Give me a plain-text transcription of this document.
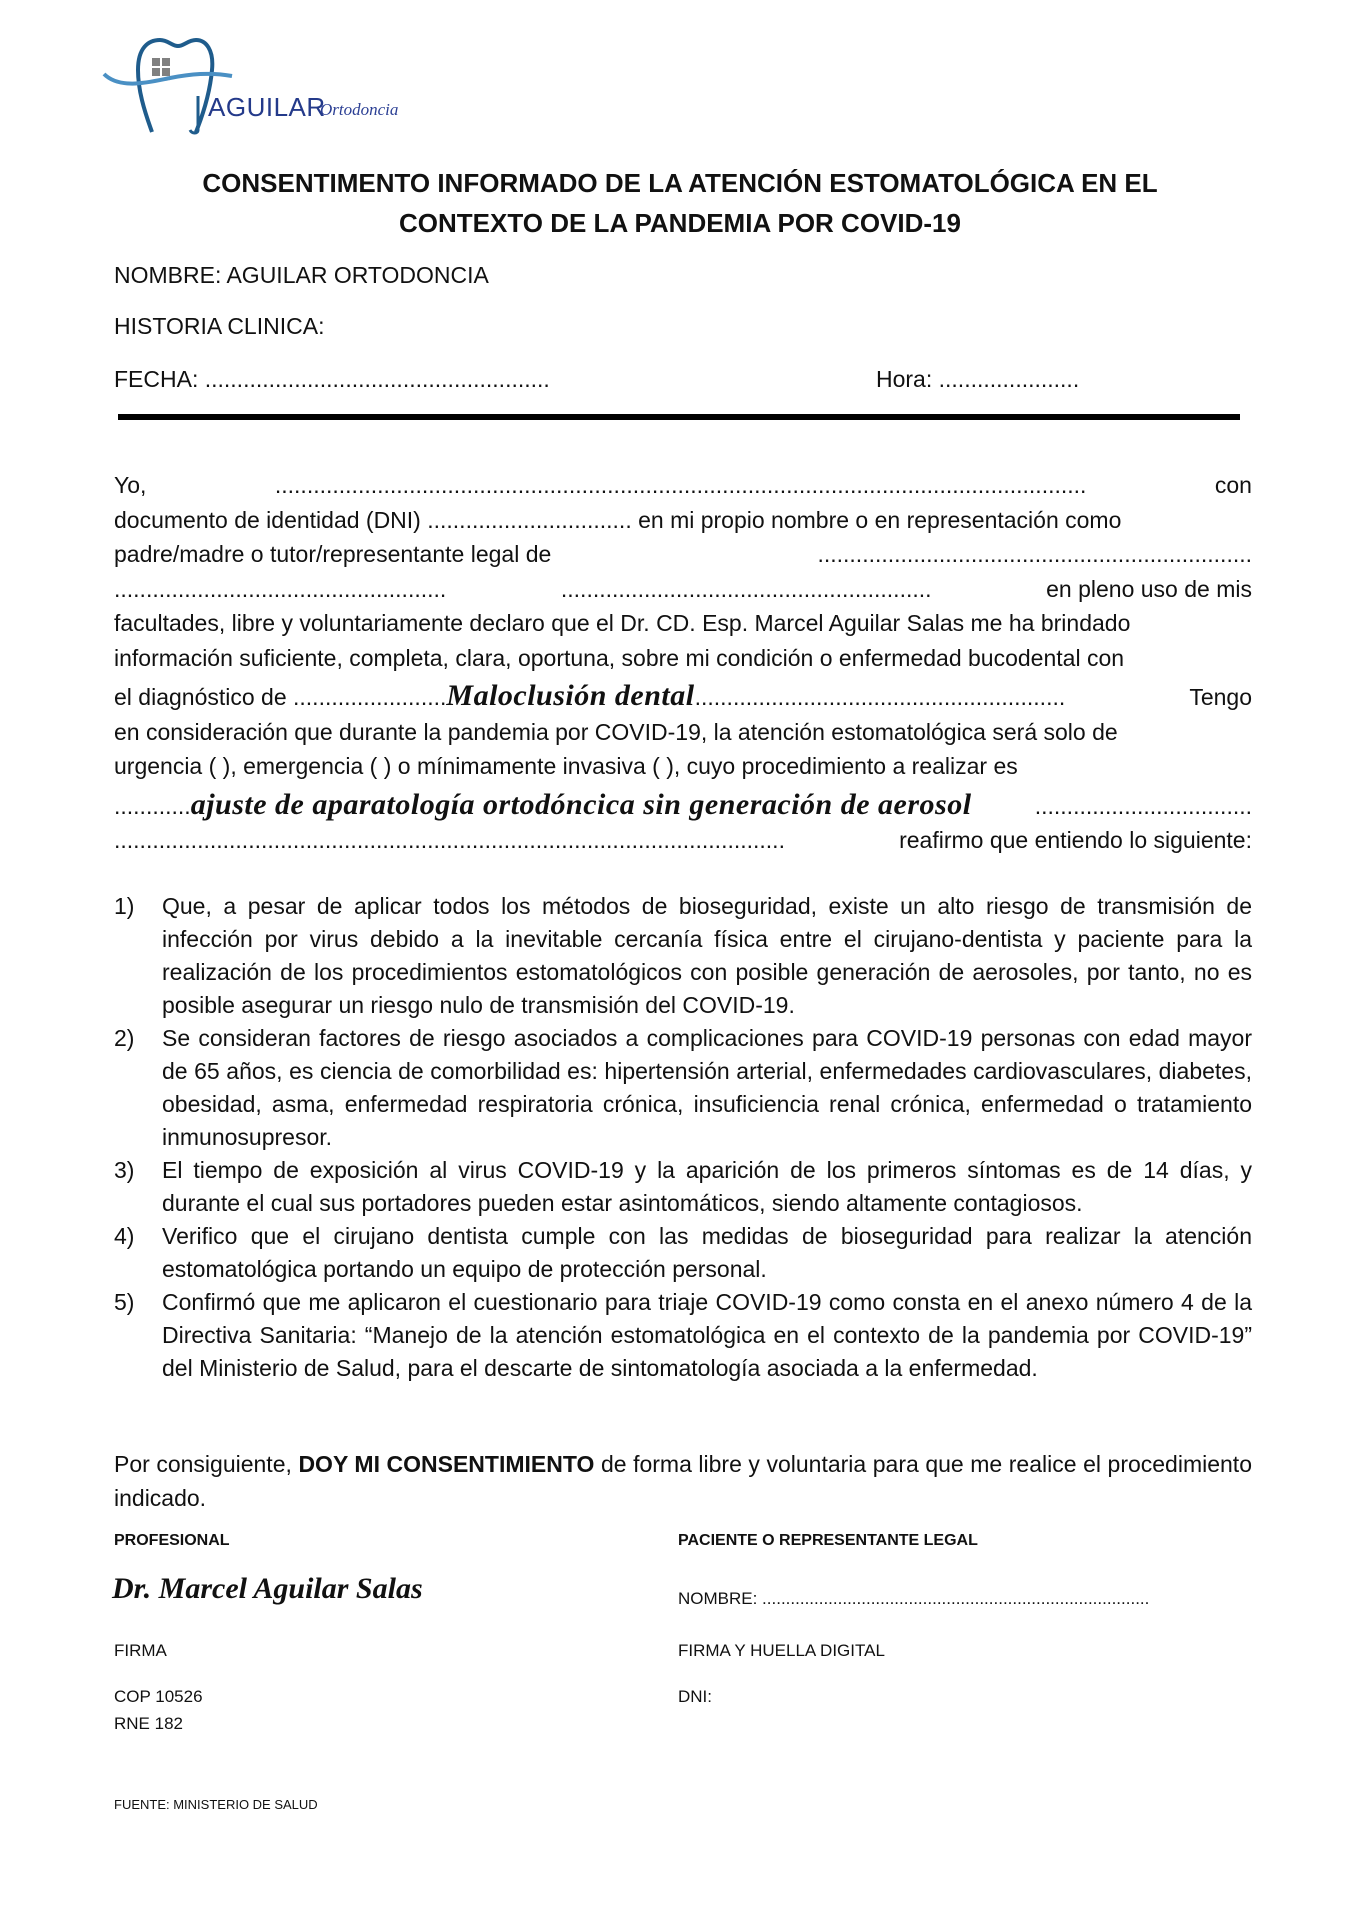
AGUILAR
Ortodoncia
CONSENTIMENTO INFORMADO DE LA ATENCIÓN ESTOMATOLÓGICA EN EL
CONTEXTO DE LA PANDEMIA POR COVID-19
NOMBRE: AGUILAR ORTODONCIA
HISTORIA CLINICA:
FECHA: ......................................................	Hora: ......................
Yo,	...............................................................................................................................	con
documento de identidad (DNI) ................................ en mi propio nombre o en representación como
padre/madre o tutor/representante legal de	....................................................................
....................................................	..........................................................	en pleno uso de mis
facultades, libre y voluntariamente declaro que el Dr. CD. Esp. Marcel Aguilar Salas me ha brindado
información suficiente, completa, clara, oportuna, sobre mi condición o enfermedad bucodental con
el diagnóstico de ........................Maloclusión dental..........................................................	Tengo
en consideración que durante la pandemia por COVID-19, la atención estomatológica será solo de
urgencia ( ), emergencia ( ) o mínimamente invasiva ( ), cuyo procedimiento a realizar es
............ajuste de aparatología ortodóncica sin generación de aerosol	..................................
.........................................................................................................	reafirmo que entiendo lo siguiente:
1)	Que, a pesar de aplicar todos los métodos de bioseguridad, existe un alto riesgo de transmisión de infección por virus debido a la inevitable cercanía física entre el cirujano-dentista y paciente para la realización de los procedimientos estomatológicos con posible generación de aerosoles, por tanto, no es posible asegurar un riesgo nulo de transmisión del COVID-19.
2)	Se consideran factores de riesgo asociados a complicaciones para COVID-19 personas con edad mayor de 65 años, es ciencia de comorbilidad es: hipertensión arterial, enfermedades cardiovasculares, diabetes, obesidad, asma, enfermedad respiratoria crónica, insuficiencia renal crónica, enfermedad o tratamiento inmunosupresor.
3)	El tiempo de exposición al virus COVID-19 y la aparición de los primeros síntomas es de 14 días, y durante el cual sus portadores pueden estar asintomáticos, siendo altamente contagiosos.
4)	Verifico que el cirujano dentista cumple con las medidas de bioseguridad para realizar la atención estomatológica portando un equipo de protección personal.
5)	Confirmó que me aplicaron el cuestionario para triaje COVID-19 como consta en el anexo número 4 de la Directiva Sanitaria: “Manejo de la atención estomatológica en el contexto de la pandemia por COVID-19” del Ministerio de Salud, para el descarte de sintomatología asociada a la enfermedad.
Por consiguiente, DOY MI CONSENTIMIENTO de forma libre y voluntaria para que me realice el procedimiento indicado.
PROFESIONAL
Dr. Marcel Aguilar Salas
FIRMA
COP 10526
RNE 182
PACIENTE O REPRESENTANTE LEGAL
NOMBRE: ..................................................................................
FIRMA Y HUELLA DIGITAL
DNI:
FUENTE: MINISTERIO DE SALUD
